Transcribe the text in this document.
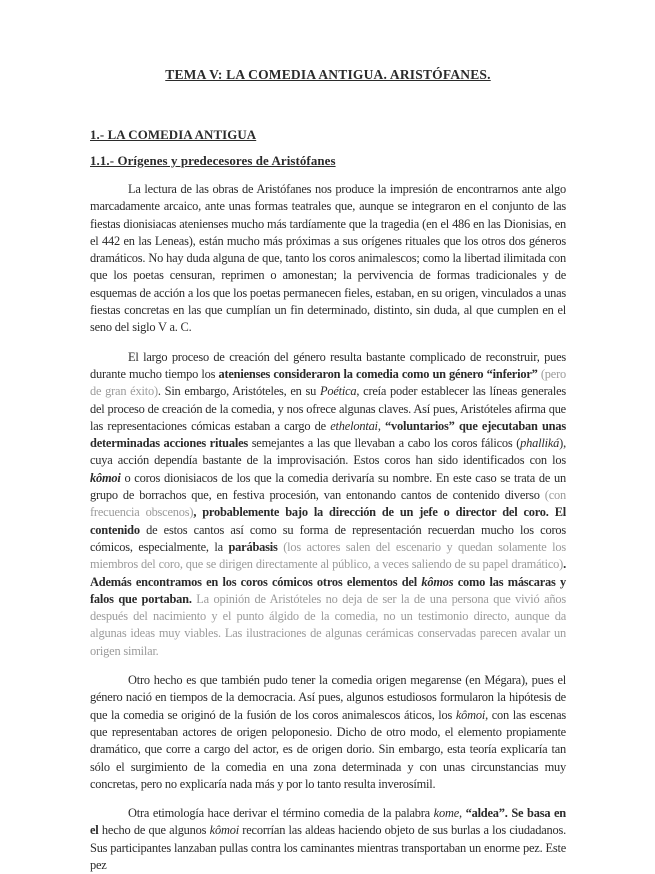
TEMA V: LA COMEDIA ANTIGUA. ARISTÓFANES.
1.- LA COMEDIA ANTIGUA
1.1.- Orígenes y predecesores de Aristófanes

La lectura de las obras de Aristófanes nos produce la impresión de encontrarnos ante algo marcadamente arcaico, ante unas formas teatrales que, aunque se integraron en el conjunto de las fiestas dionisiacas atenienses mucho más tardíamente que la tragedia (en el 486 en las Dionisias, en el 442 en las Leneas), están mucho más próximas a sus orígenes rituales que los otros dos géneros dramáticos. No hay duda alguna de que, tanto los coros animalescos; como la libertad ilimitada con que los poetas censuran, reprimen o amonestan; la pervivencia de formas tradicionales y de esquemas de acción a los que los poetas permanecen fieles, estaban, en su origen, vinculados a unas fiestas concretas en las que cumplían un fin determinado, distinto, sin duda, al que cumplen en el seno del siglo V a. C.

El largo proceso de creación del género resulta bastante complicado de reconstruir, pues durante mucho tiempo los atenienses consideraron la comedia como un género “inferior” (pero de gran éxito). Sin embargo, Aristóteles, en su Poética, creía poder establecer las líneas generales del proceso de creación de la comedia, y nos ofrece algunas claves. Así pues, Aristóteles afirma que las representaciones cómicas estaban a cargo de ethelontai, “voluntarios” que ejecutaban unas determinadas acciones rituales semejantes a las que llevaban a cabo los coros fálicos (phalliká), cuya acción dependía bastante de la improvisación. Estos coros han sido identificados con los kômoi o coros dionisiacos de los que la comedia derivaría su nombre. En este caso se trata de un grupo de borrachos que, en festiva procesión, van entonando cantos de contenido diverso (con frecuencia obscenos), probablemente bajo la dirección de un jefe o director del coro. El contenido de estos cantos así como su forma de representación recuerdan mucho los coros cómicos, especialmente, la parábasis (los actores salen del escenario y quedan solamente los miembros del coro, que se dirigen directamente al público, a veces saliendo de su papel dramático). Además encontramos en los coros cómicos otros elementos del kômos como las máscaras y falos que portaban. La opinión de Aristóteles no deja de ser la de una persona que vivió años después del nacimiento y el punto álgido de la comedia, no un testimonio directo, aunque da algunas ideas muy viables. Las ilustraciones de algunas cerámicas conservadas parecen avalar un origen similar.

Otro hecho es que también pudo tener la comedia origen megarense (en Mégara), pues el género nació en tiempos de la democracia. Así pues, algunos estudiosos formularon la hipótesis de que la comedia se originó de la fusión de los coros animalescos áticos, los kômoi, con las escenas que representaban actores de origen peloponesio. Dicho de otro modo, el elemento propiamente dramático, que corre a cargo del actor, es de origen dorio. Sin embargo, esta teoría explicaría tan sólo el surgimiento de la comedia en una zona determinada y con unas circunstancias muy concretas, pero no explicaría nada más y por lo tanto resulta inverosímil.

Otra etimología hace derivar el término comedia de la palabra kome, “aldea”. Se basa en el hecho de que algunos kômoi recorrían las aldeas haciendo objeto de sus burlas a los ciudadanos. Sus participantes lanzaban pullas contra los caminantes mientras transportaban un enorme pez. Este pez
